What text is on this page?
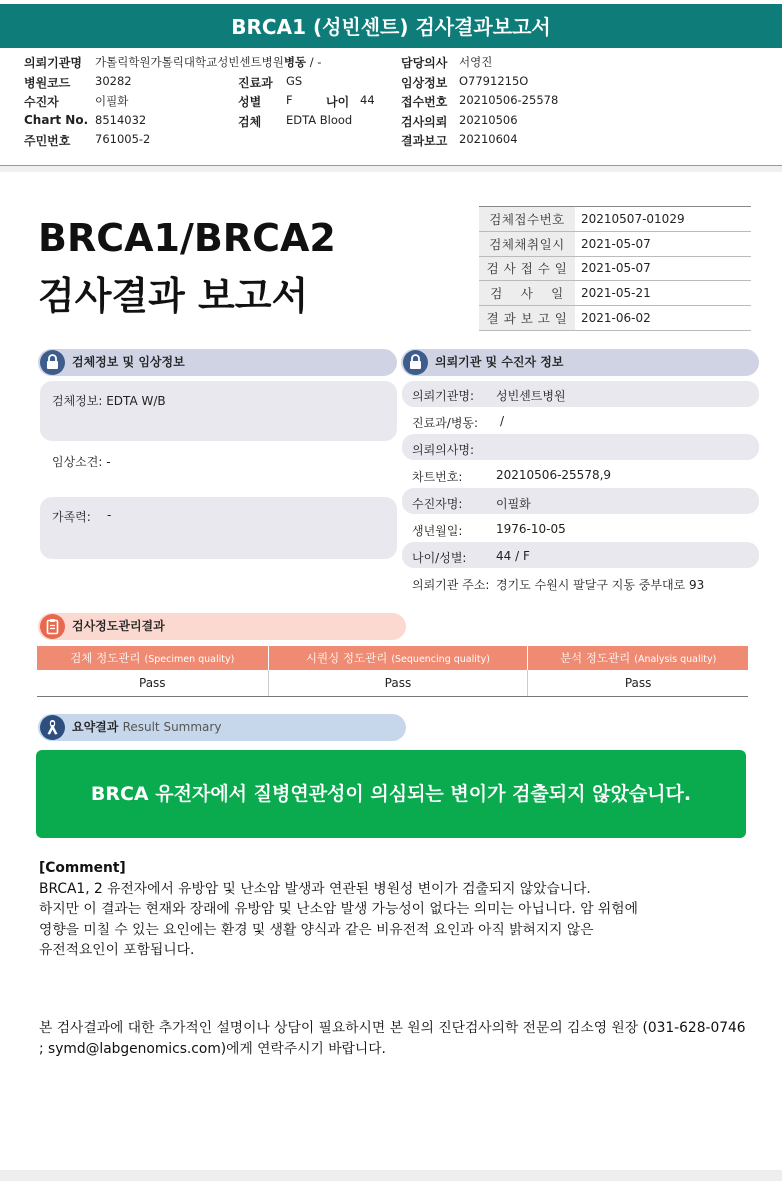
BRCA1 (성빈센트) 검사결과보고서
의뢰기관명 가톨릭학원가톨릭대학교성빈센트병원병동 / -
병원코드 30282
수진자	이필화
Chart No. 8514032
주민번호 761005-2
진료과 GS
성별 F	나이 44
검체 EDTA Blood
담당의사 서영진
임상정보 O7791215O
접수번호 20210506-25578
검사의뢰 20210506
결과보고 20210604
BRCA1/BRCA2
검사결과 보고서
검체접수번호	20210507-01029
검체채취일시	2021-05-07
검 사 접 수 일	2021-05-07
검    사    일	2021-05-21
결 과 보 고 일	2021-06-02
검체정보 및 임상정보
검체정보: EDTA W/B
임상소견: -
가족력: -
의뢰기관 및 수진자 정보
의뢰기관명: 성빈센트병원
진료과/병동: /
의뢰의사명:
차트번호:	20210506-25578,9
수진자명:	이필화
생년월일:	1976-10-05
나이/성별: 44 / F
의뢰기관 주소: 경기도 수원시 팔달구 지동 중부대로 93
검사정도관리결과
검체 정도관리 (Specimen quality)	시퀀싱 정도관리 (Sequencing quality)	분석 정도관리 (Analysis quality)
Pass	Pass	Pass
요약결과 Result Summary
BRCA 유전자에서 질병연관성이 의심되는 변이가 검출되지 않았습니다.
[Comment]
BRCA1, 2 유전자에서 유방암 및 난소암 발생과 연관된 병원성 변이가 검출되지 않았습니다.
하지만 이 결과는 현재와 장래에 유방암 및 난소암 발생 가능성이 없다는 의미는 아닙니다. 암 위험에
영향을 미칠 수 있는 요인에는 환경 및 생활 양식과 같은 비유전적 요인과 아직 밝혀지지 않은
유전적요인이 포함됩니다.
본 검사결과에 대한 추가적인 설명이나 상담이 필요하시면 본 원의 진단검사의학 전문의 김소영 원장 (031-628-0746 ; symd@labgenomics.com)에게 연락주시기 바랍니다.
